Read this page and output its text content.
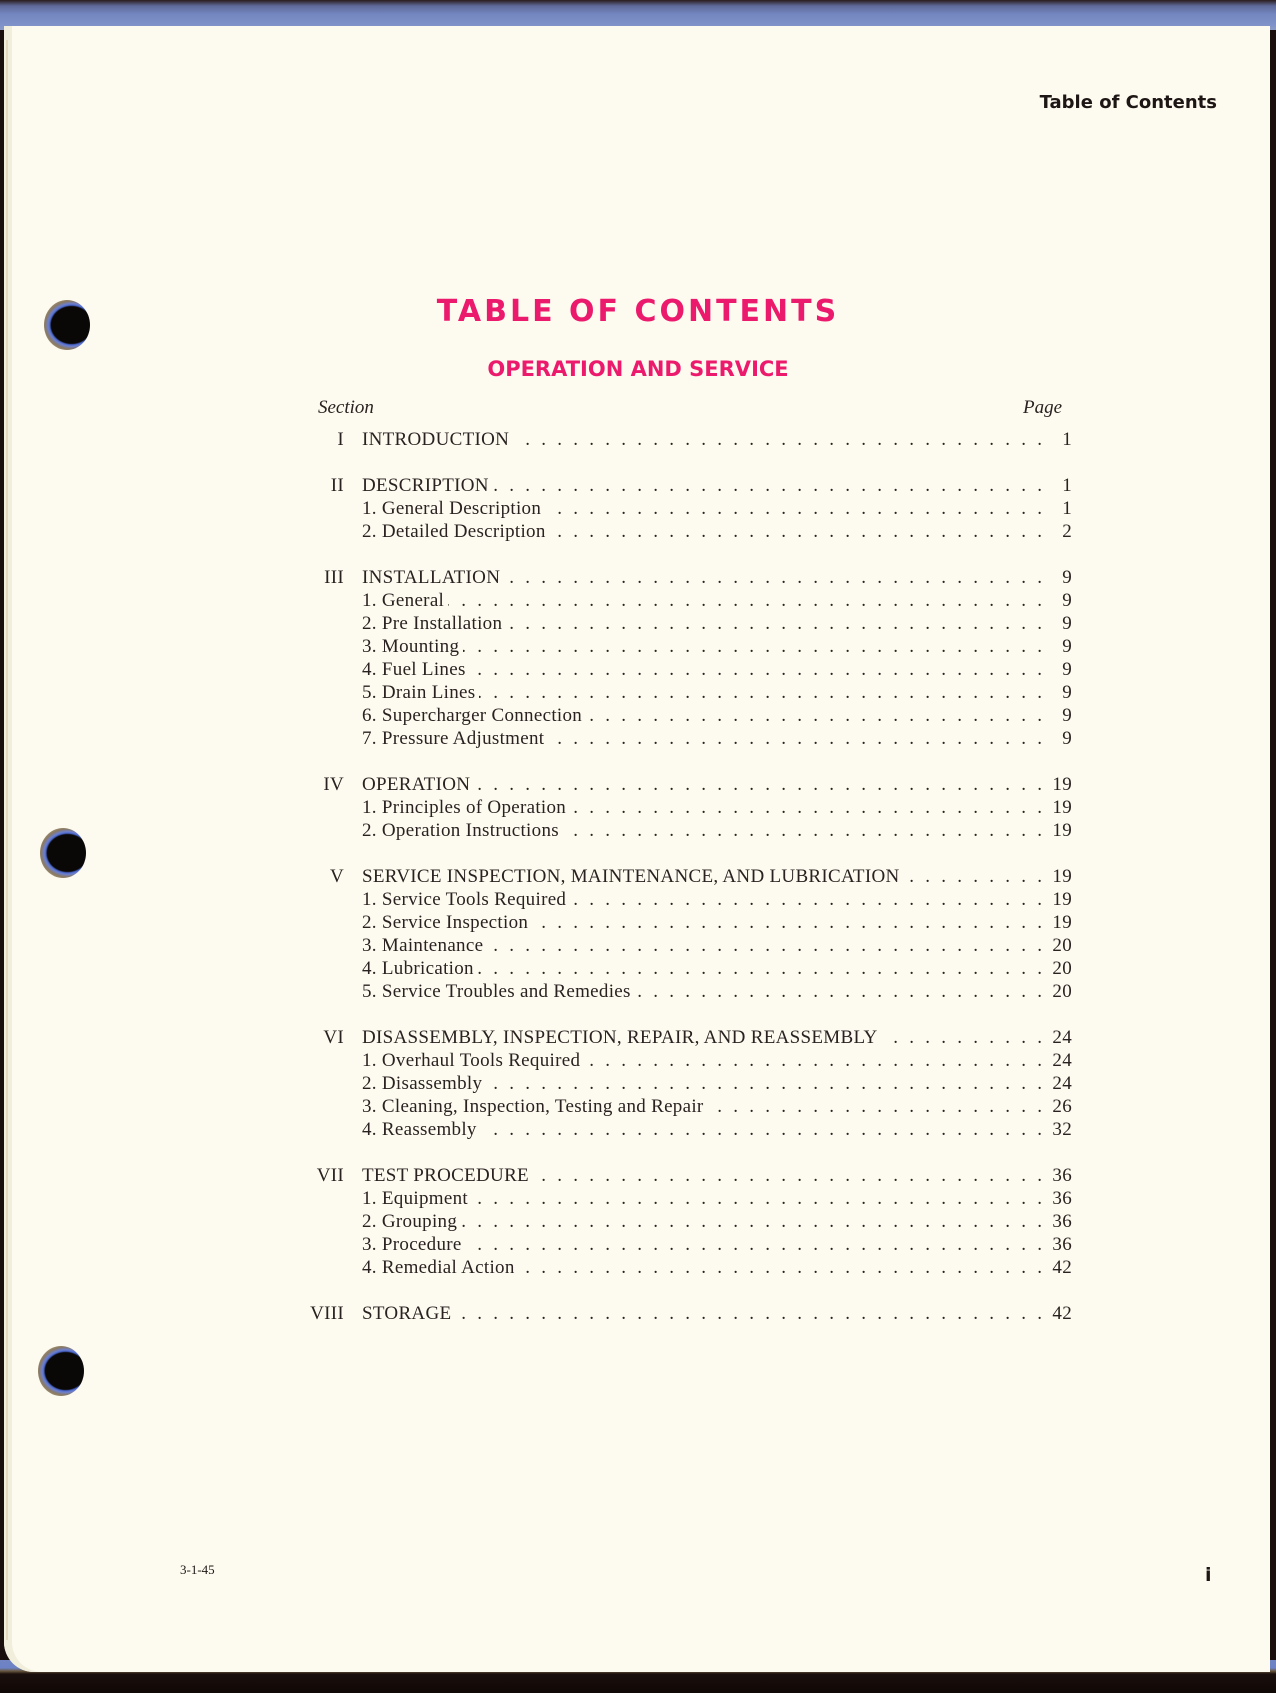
Table of Contents
TABLE OF CONTENTS
OPERATION AND SERVICE
Section	Page
I INTRODUCTION . . .	1
II DESCRIPTION . . .	1
1. General Description . . .	1
2. Detailed Description . . .	2
III INSTALLATION . . .	9
1. General . . .	9
2. Pre Installation . . .	9
3. Mounting . . .	9
4. Fuel Lines . . .	9
5. Drain Lines . . .	9
6. Supercharger Connection . . .	9
7. Pressure Adjustment . . .	9
IV OPERATION . . .	19
1. Principles of Operation . . .	19
2. Operation Instructions . . .	19
V SERVICE INSPECTION, MAINTENANCE, AND LUBRICATION . . .	19
1. Service Tools Required . . .	19
2. Service Inspection . . .	19
3. Maintenance . . .	20
4. Lubrication . . .	20
5. Service Troubles and Remedies . . .	20
VI DISASSEMBLY, INSPECTION, REPAIR, AND REASSEMBLY . . .	24
1. Overhaul Tools Required . . .	24
2. Disassembly . . .	24
3. Cleaning, Inspection, Testing and Repair . . .	26
4. Reassembly . . .	32
VII TEST PROCEDURE . . .	36
1. Equipment . . .	36
2. Grouping . . .	36
3. Procedure . . .	36
4. Remedial Action . . .	42
VIII STORAGE . . .	42
3-1-45	i
